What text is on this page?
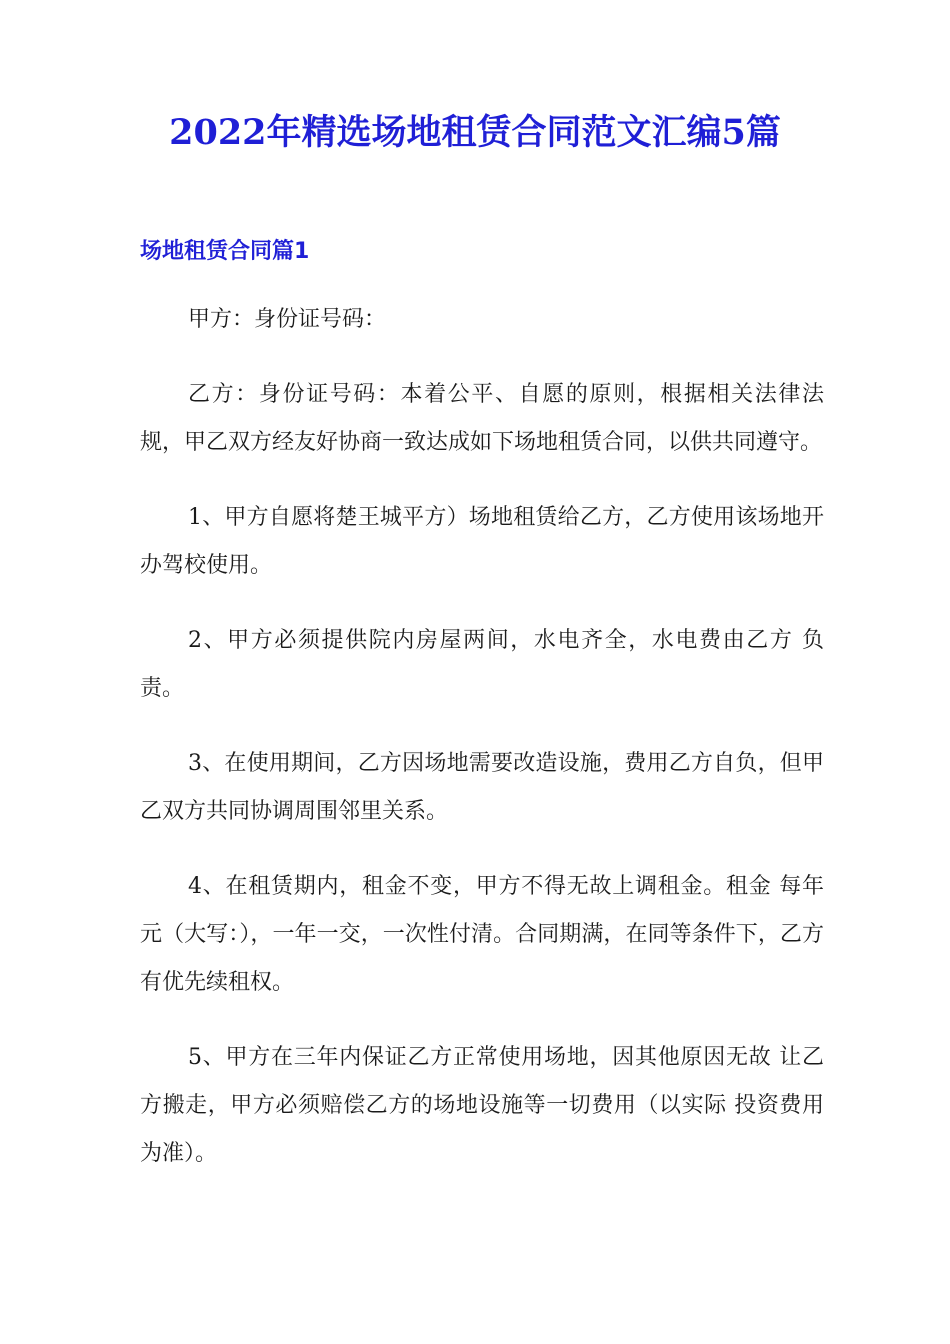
2022年精选场地租赁合同范文汇编5篇
场地租赁合同篇1

甲方：身份证号码：

乙方：身份证号码：本着公平、自愿的原则，根据相关法律法规，甲乙双方经友好协商一致达成如下场地租赁合同，以供共同遵守。

1、甲方自愿将楚王城平方）场地租赁给乙方，乙方使用该场地开办驾校使用。

2、甲方必须提供院内房屋两间，水电齐全，水电费由乙方 负责。

3、在使用期间，乙方因场地需要改造设施，费用乙方自负，但甲乙双方共同协调周围邻里关系。

4、在租赁期内，租金不变，甲方不得无故上调租金。租金 每年元（大写：），一年一交，一次性付清。合同期满，在同等条件下，乙方有优先续租权。

5、甲方在三年内保证乙方正常使用场地，因其他原因无故 让乙方搬走，甲方必须赔偿乙方的场地设施等一切费用（以实际 投资费用为准）。
